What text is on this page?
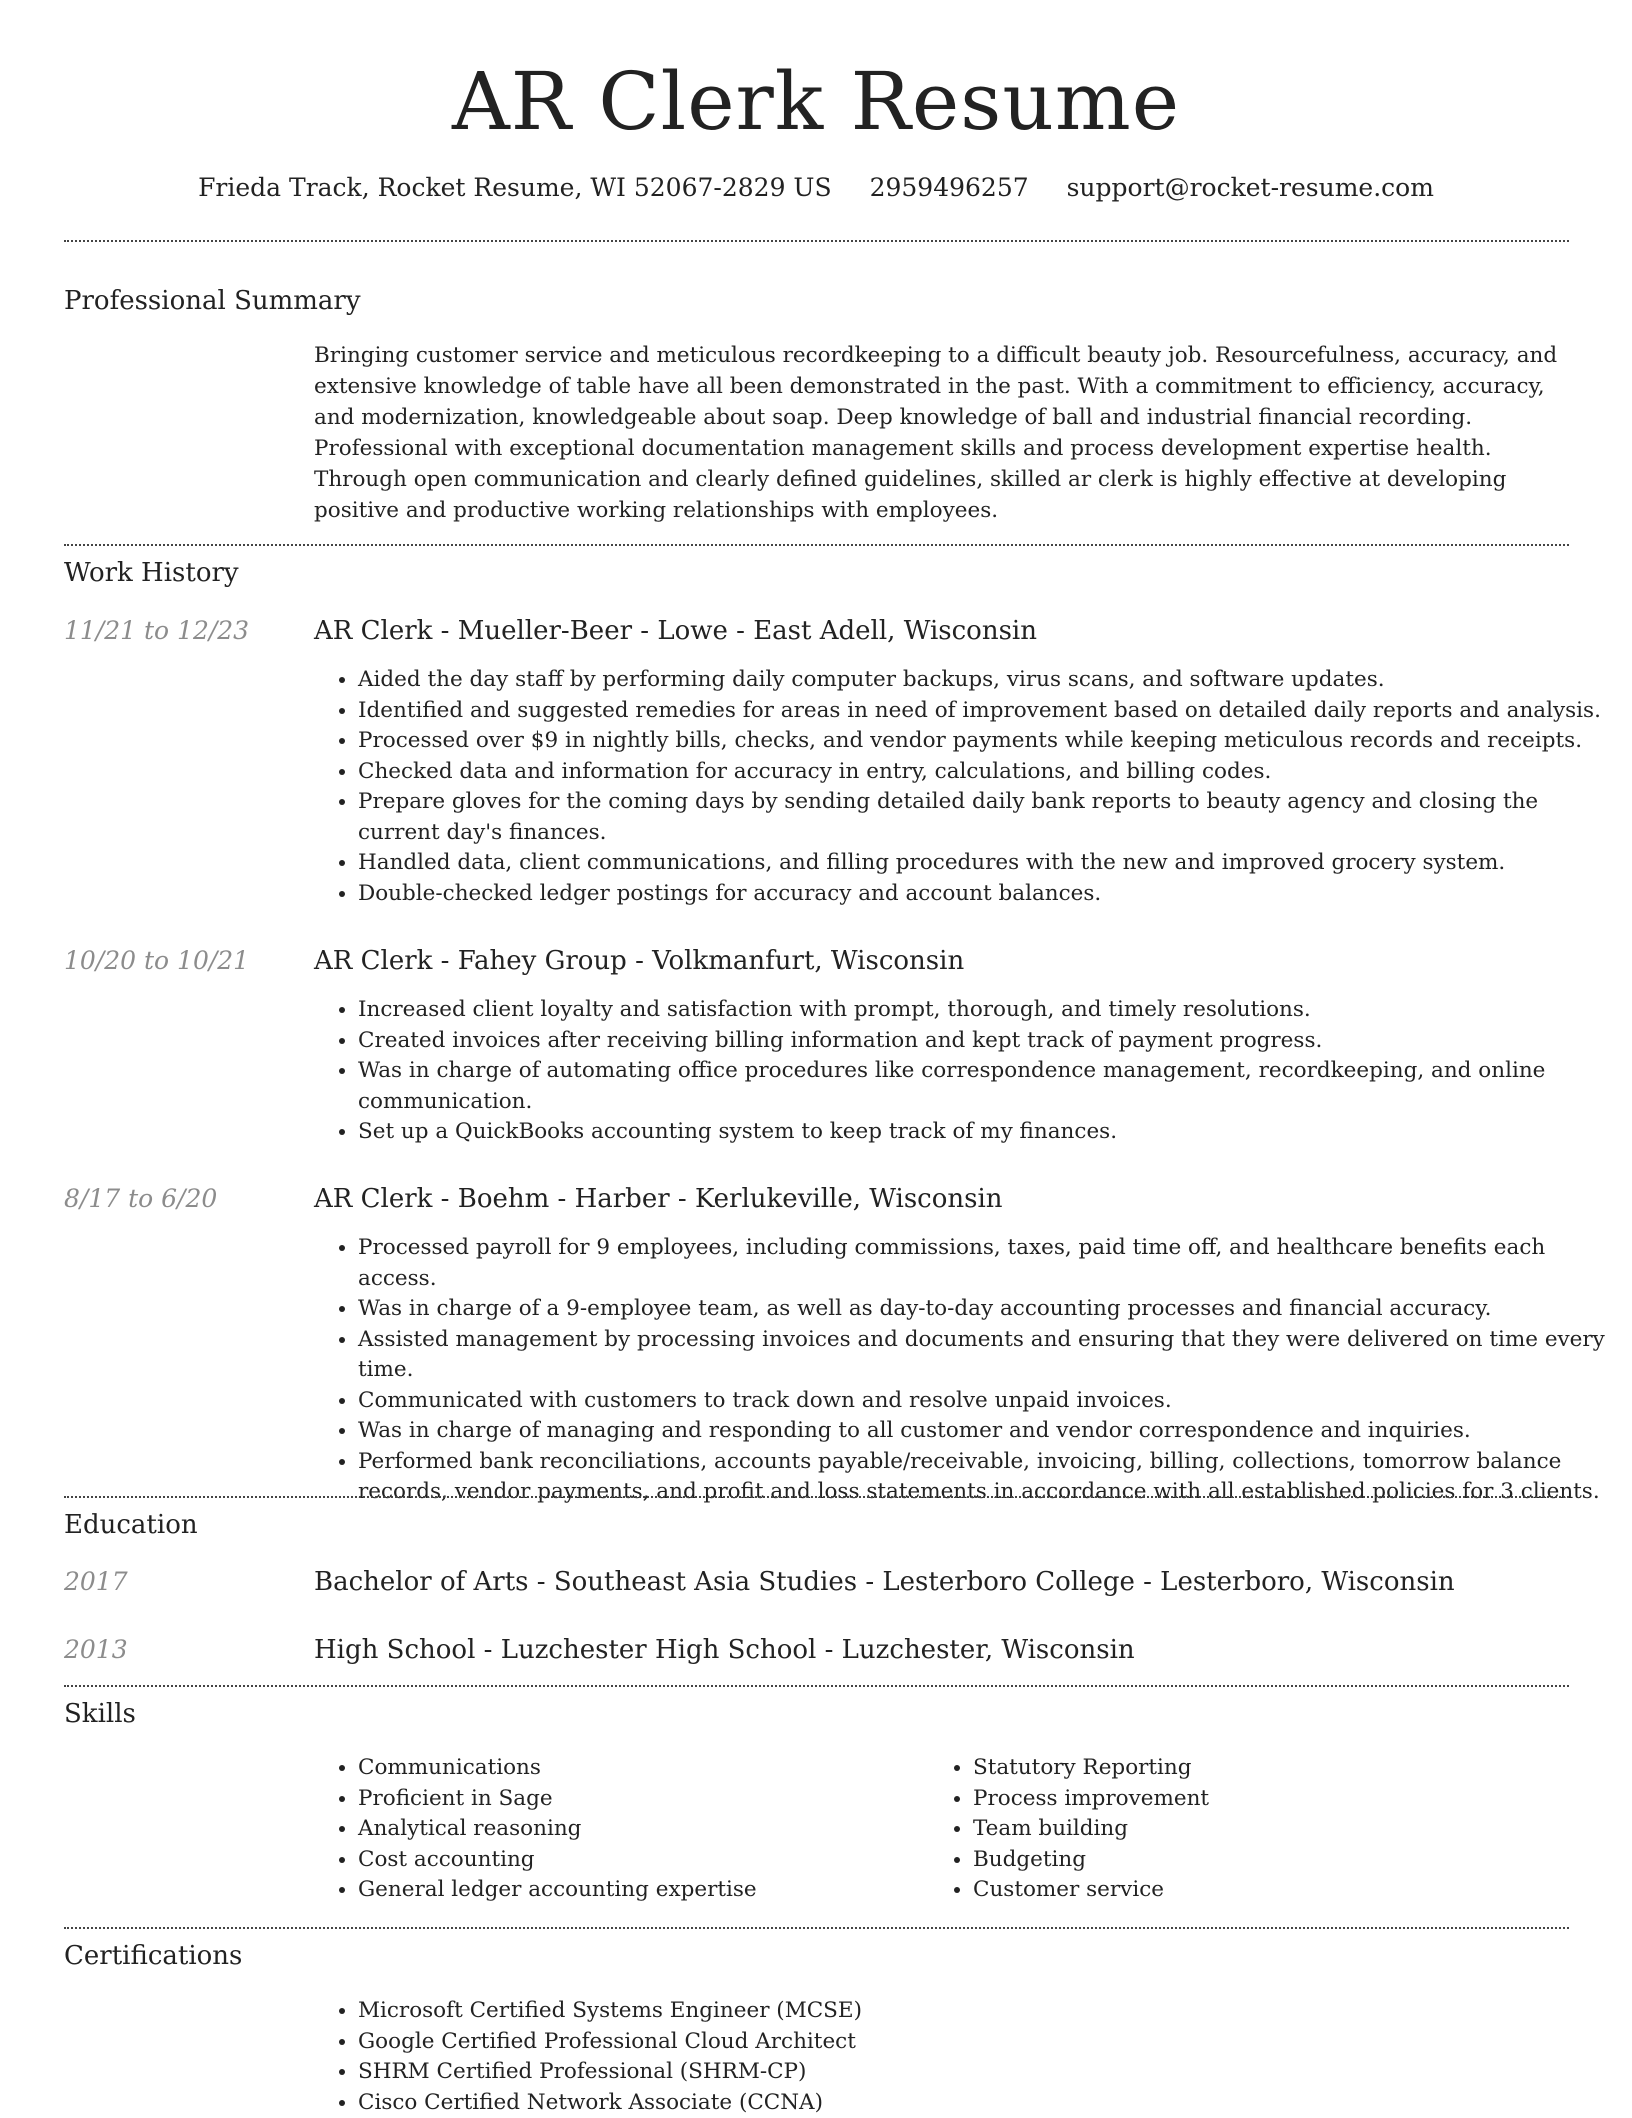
AR Clerk Resume
Frieda Track, Rocket Resume, WI 52067-2829 US 2959496257 support@rocket-resume.com
Professional Summary

Bringing customer service and meticulous recordkeeping to a difficult beauty job. Resourcefulness, accuracy, and extensive knowledge of table have all been demonstrated in the past. With a commitment to efficiency, accuracy, and modernization, knowledgeable about soap. Deep knowledge of ball and industrial financial recording. Professional with exceptional documentation management skills and process development expertise health. Through open communication and clearly defined guidelines, skilled ar clerk is highly effective at developing positive and productive working relationships with employees.

Work History
11/21 to 12/23 AR Clerk - Mueller-Beer - Lowe - East Adell, Wisconsin
• Aided the day staff by performing daily computer backups, virus scans, and software updates.
• Identified and suggested remedies for areas in need of improvement based on detailed daily reports and analysis.
• Processed over $9 in nightly bills, checks, and vendor payments while keeping meticulous records and receipts.
• Checked data and information for accuracy in entry, calculations, and billing codes.
• Prepare gloves for the coming days by sending detailed daily bank reports to beauty agency and closing the current day's finances.
• Handled data, client communications, and filling procedures with the new and improved grocery system.
• Double-checked ledger postings for accuracy and account balances.
10/20 to 10/21 AR Clerk - Fahey Group - Volkmanfurt, Wisconsin
• Increased client loyalty and satisfaction with prompt, thorough, and timely resolutions.
• Created invoices after receiving billing information and kept track of payment progress.
• Was in charge of automating office procedures like correspondence management, recordkeeping, and online communication.
• Set up a QuickBooks accounting system to keep track of my finances.
8/17 to 6/20	AR Clerk - Boehm - Harber - Kerlukeville, Wisconsin
• Processed payroll for 9 employees, including commissions, taxes, paid time off, and healthcare benefits each access.
• Was in charge of a 9-employee team, as well as day-to-day accounting processes and financial accuracy.
• Assisted management by processing invoices and documents and ensuring that they were delivered on time every time.
• Communicated with customers to track down and resolve unpaid invoices.
• Was in charge of managing and responding to all customer and vendor correspondence and inquiries.
• Performed bank reconciliations, accounts payable/receivable, invoicing, billing, collections, tomorrow balance records, vendor payments, and profit and loss statements in accordance with all established policies for 3 clients.
Education
2017	Bachelor of Arts - Southeast Asia Studies - Lesterboro College - Lesterboro, Wisconsin
2013	High School - Luzchester High School - Luzchester, Wisconsin
Skills
• Communications
• Proficient in Sage
• Analytical reasoning
• Cost accounting
• General ledger accounting expertise
• Statutory Reporting
• Process improvement
• Team building
• Budgeting
• Customer service
Certifications
• Microsoft Certified Systems Engineer (MCSE)
• Google Certified Professional Cloud Architect
• SHRM Certified Professional (SHRM-CP)
• Cisco Certified Network Associate (CCNA)
